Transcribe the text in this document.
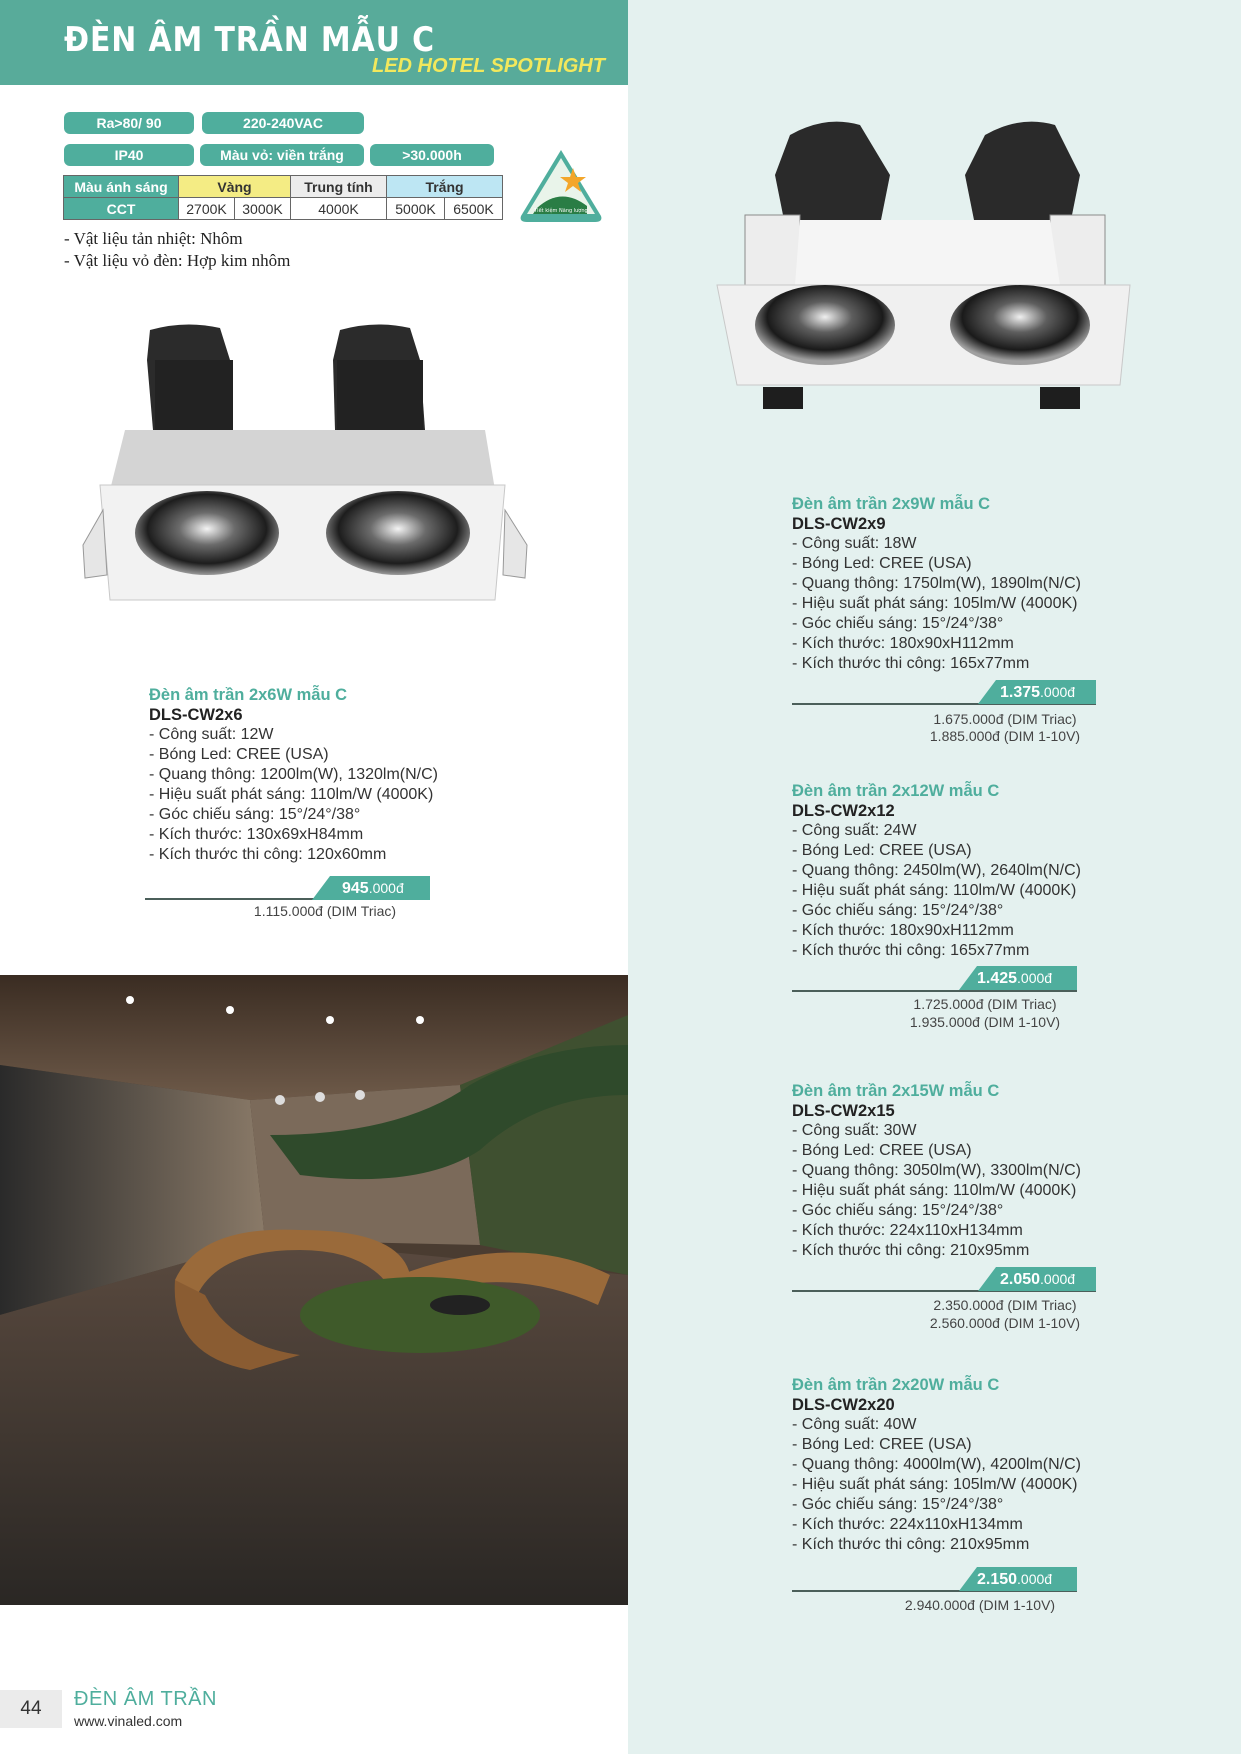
ĐÈN ÂM TRẦN MẪU C
LED HOTEL SPOTLIGHT
Ra>80/ 90	220-240VAC
IP40	Màu vỏ: viền trắng	>30.000h
Màu ánh sáng	Vàng		Trung tính	Trắng	
CCT	2700K	3000K	4000K	5000K	6500K	Tiết kiệm Năng lượng
- Vật liệu tản nhiệt: Nhôm
- Vật liệu vỏ đèn: Hợp kim nhôm
Đèn âm trần 2x6W mẫu C
DLS-CW2x6
- Công suất: 12W
- Bóng Led: CREE (USA)
- Quang thông: 1200lm(W), 1320lm(N/C)
- Hiệu suất phát sáng: 110lm/W (4000K)
- Góc chiếu sáng: 15°/24°/38°
- Kích thước: 130x69xH84mm
- Kích thước thi công: 120x60mm
945.000đ
1.115.000đ (DIM Triac)
Đèn âm trần 2x9W mẫu C
DLS-CW2x9
- Công suất: 18W
- Bóng Led: CREE (USA)
- Quang thông: 1750lm(W), 1890lm(N/C)
- Hiệu suất phát sáng: 105lm/W (4000K)
- Góc chiếu sáng: 15°/24°/38°
- Kích thước: 180x90xH112mm
- Kích thước thi công: 165x77mm
1.375.000đ
1.675.000đ (DIM Triac)
1.885.000đ (DIM 1-10V)
Đèn âm trần 2x12W mẫu C
DLS-CW2x12
- Công suất: 24W
- Bóng Led: CREE (USA)
- Quang thông: 2450lm(W), 2640lm(N/C)
- Hiệu suất phát sáng: 110lm/W (4000K)
- Góc chiếu sáng: 15°/24°/38°
- Kích thước: 180x90xH112mm
- Kích thước thi công: 165x77mm
1.425.000đ
1.725.000đ (DIM Triac)
1.935.000đ (DIM 1-10V)
Đèn âm trần 2x15W mẫu C
DLS-CW2x15
- Công suất: 30W
- Bóng Led: CREE (USA)
- Quang thông: 3050lm(W), 3300lm(N/C)
- Hiệu suất phát sáng: 110lm/W (4000K)
- Góc chiếu sáng: 15°/24°/38°
- Kích thước: 224x110xH134mm
- Kích thước thi công: 210x95mm
2.050.000đ
2.350.000đ (DIM Triac)
2.560.000đ (DIM 1-10V)
Đèn âm trần 2x20W mẫu C
DLS-CW2x20
- Công suất: 40W
- Bóng Led: CREE (USA)
- Quang thông: 4000lm(W), 4200lm(N/C)
- Hiệu suất phát sáng: 105lm/W (4000K)
- Góc chiếu sáng: 15°/24°/38°
- Kích thước: 224x110xH134mm
- Kích thước thi công: 210x95mm
2.150.000đ
2.940.000đ (DIM 1-10V)
44	ĐÈN ÂM TRẦN
www.vinaled.com
